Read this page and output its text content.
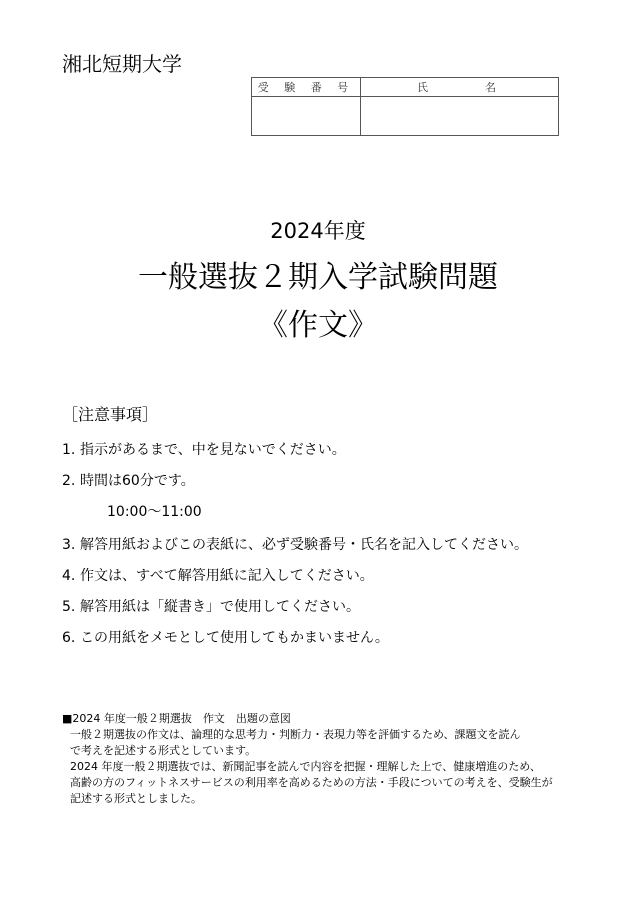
湘北短期大学
受 験 番 号	氏　　　名

2024年度
一般選抜２期入学試験問題
《作文》
［注意事項］
1. 指示があるまで、中を見ないでください。
2. 時間は60分です。
10:00～11:00
3. 解答用紙およびこの表紙に、必ず受験番号・氏名を記入してください。
4. 作文は、すべて解答用紙に記入してください。
5. 解答用紙は「縦書き」で使用してください。
6. この用紙をメモとして使用してもかまいません。
■2024 年度一般２期選抜　作文　出題の意図
一般２期選抜の作文は、論理的な思考力・判断力・表現力等を評価するため、課題文を読ん
で考えを記述する形式としています。
2024 年度一般２期選抜では、新聞記事を読んで内容を把握・理解した上で、健康増進のため、
高齢の方のフィットネスサービスの利用率を高めるための方法・手段についての考えを、受験生が
記述する形式としました。
